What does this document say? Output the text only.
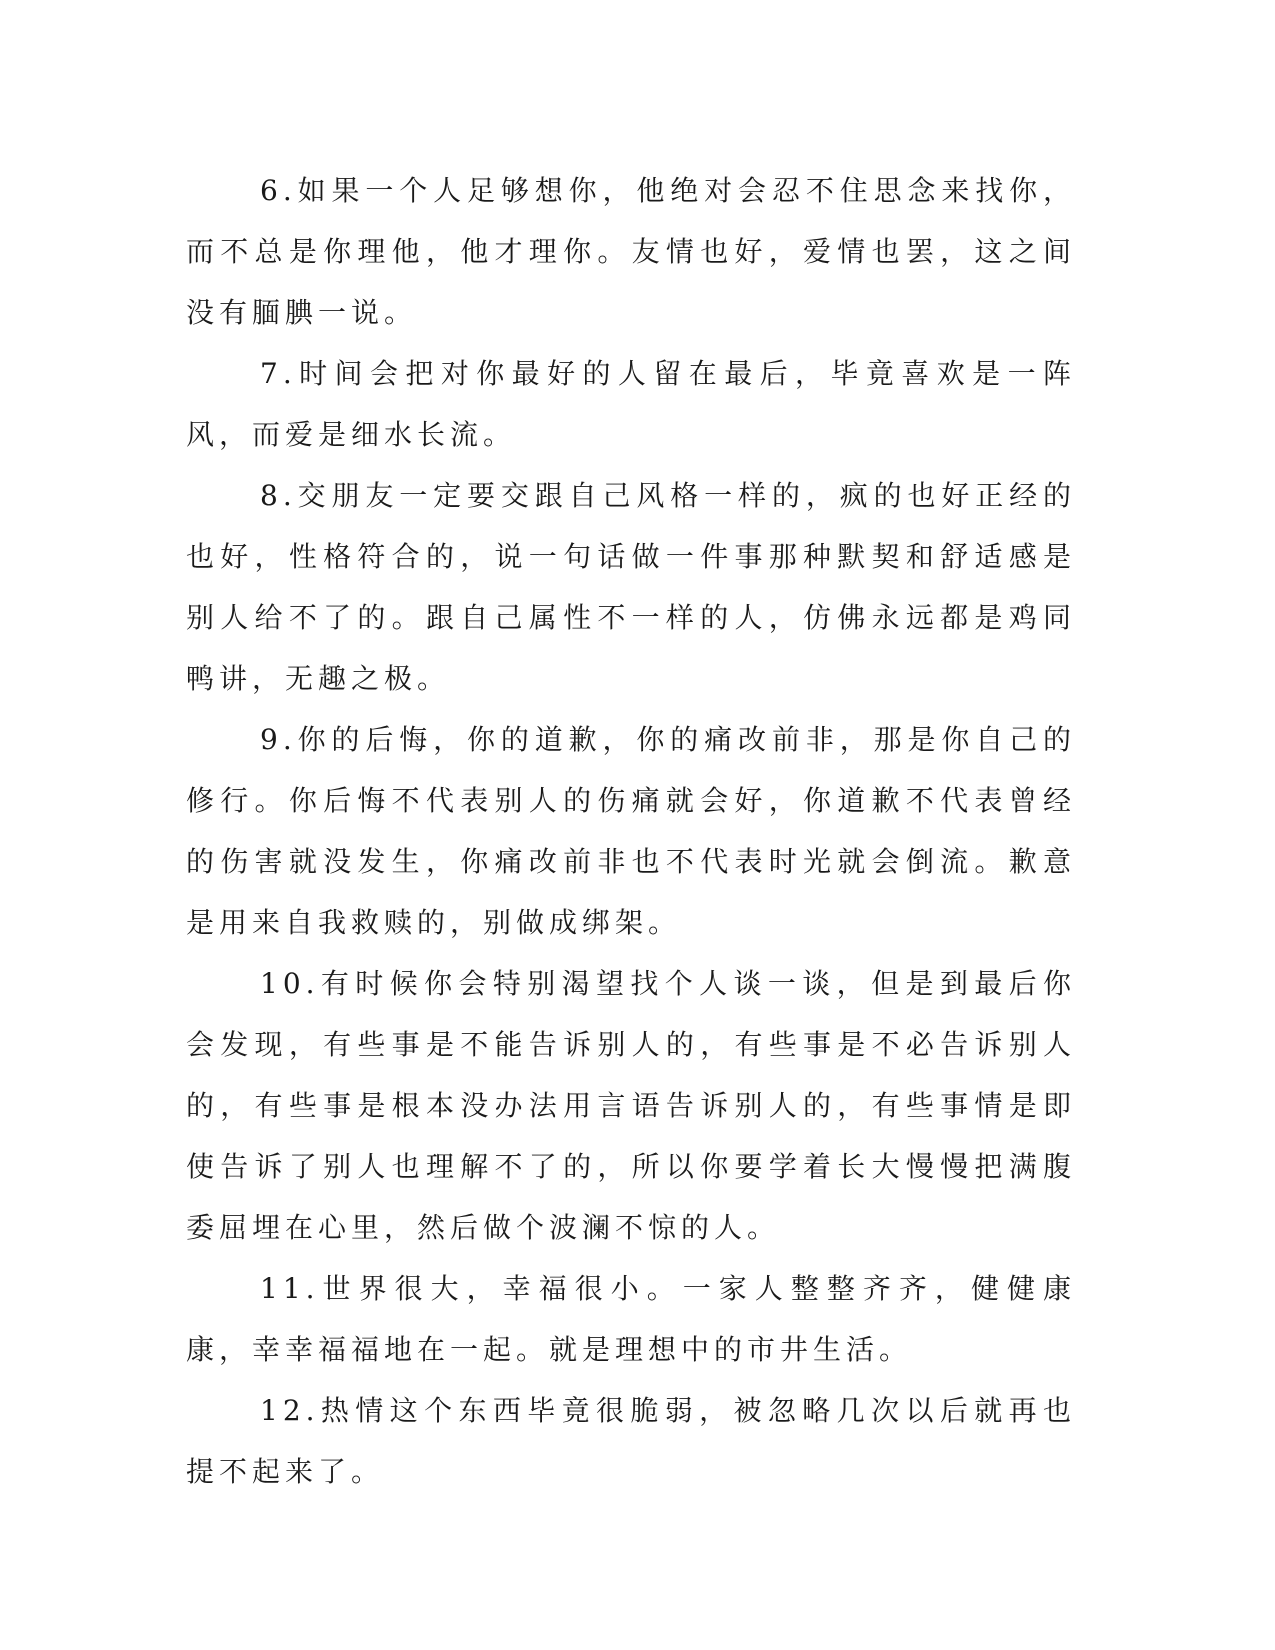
6.如果一个人足够想你，他绝对会忍不住思念来找你，而不总是你理他，他才理你。友情也好，爱情也罢，这之间没有腼腆一说。

7.时间会把对你最好的人留在最后，毕竟喜欢是一阵风，而爱是细水长流。

8.交朋友一定要交跟自己风格一样的，疯的也好正经的也好，性格符合的，说一句话做一件事那种默契和舒适感是别人给不了的。跟自己属性不一样的人，仿佛永远都是鸡同鸭讲，无趣之极。

9.你的后悔，你的道歉，你的痛改前非，那是你自己的修行。你后悔不代表别人的伤痛就会好，你道歉不代表曾经的伤害就没发生，你痛改前非也不代表时光就会倒流。歉意是用来自我救赎的，别做成绑架。

10.有时候你会特别渴望找个人谈一谈，但是到最后你会发现，有些事是不能告诉别人的，有些事是不必告诉别人的，有些事是根本没办法用言语告诉别人的，有些事情是即使告诉了别人也理解不了的，所以你要学着长大慢慢把满腹委屈埋在心里，然后做个波澜不惊的人。

11.世界很大，幸福很小。一家人整整齐齐，健健康康，幸幸福福地在一起。就是理想中的市井生活。

12.热情这个东西毕竟很脆弱，被忽略几次以后就再也提不起来了。
